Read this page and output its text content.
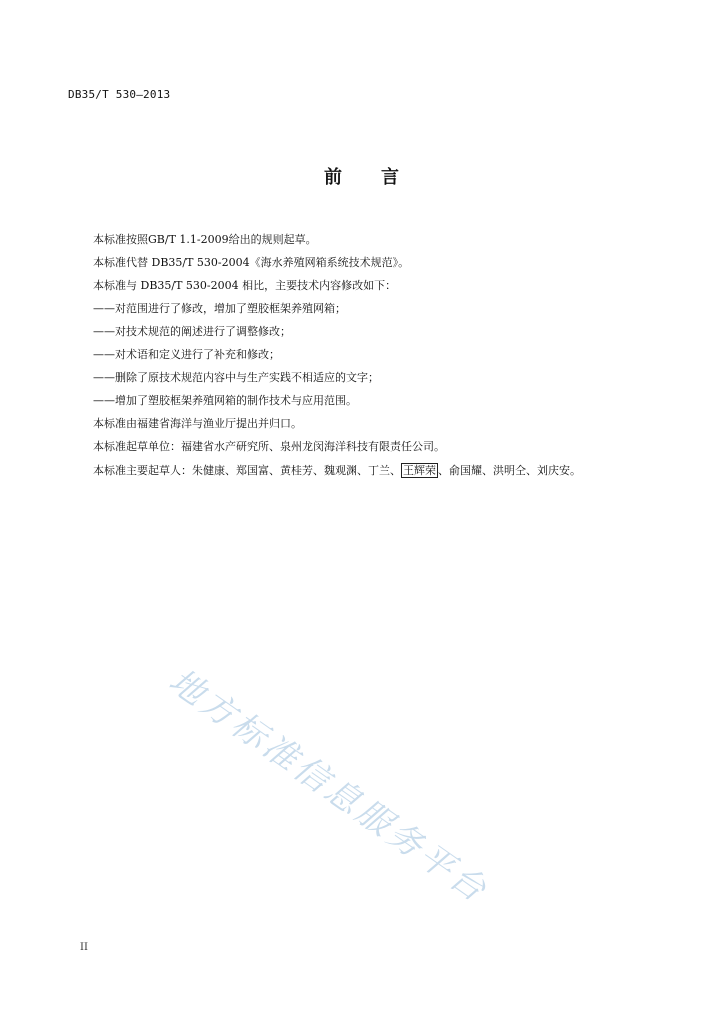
DB35/T 530—2013
前 言

本标准按照GB/T 1.1-2009给出的规则起草。

本标准代替 DB35/T 530-2004《海水养殖网箱系统技术规范》。

本标准与 DB35/T 530-2004 相比，主要技术内容修改如下：

——对范围进行了修改，增加了塑胶框架养殖网箱；

——对技术规范的阐述进行了调整修改；

——对术语和定义进行了补充和修改；

——删除了原技术规范内容中与生产实践不相适应的文字；

——增加了塑胶框架养殖网箱的制作技术与应用范围。

本标准由福建省海洋与渔业厅提出并归口。

本标准起草单位：福建省水产研究所、泉州龙闵海洋科技有限责任公司。

本标准主要起草人：朱健康、郑国富、黄桂芳、魏观渊、丁兰、 王辉荣 、俞国耀、洪明仝、刘庆安。

地方标准信息服务平台
II
